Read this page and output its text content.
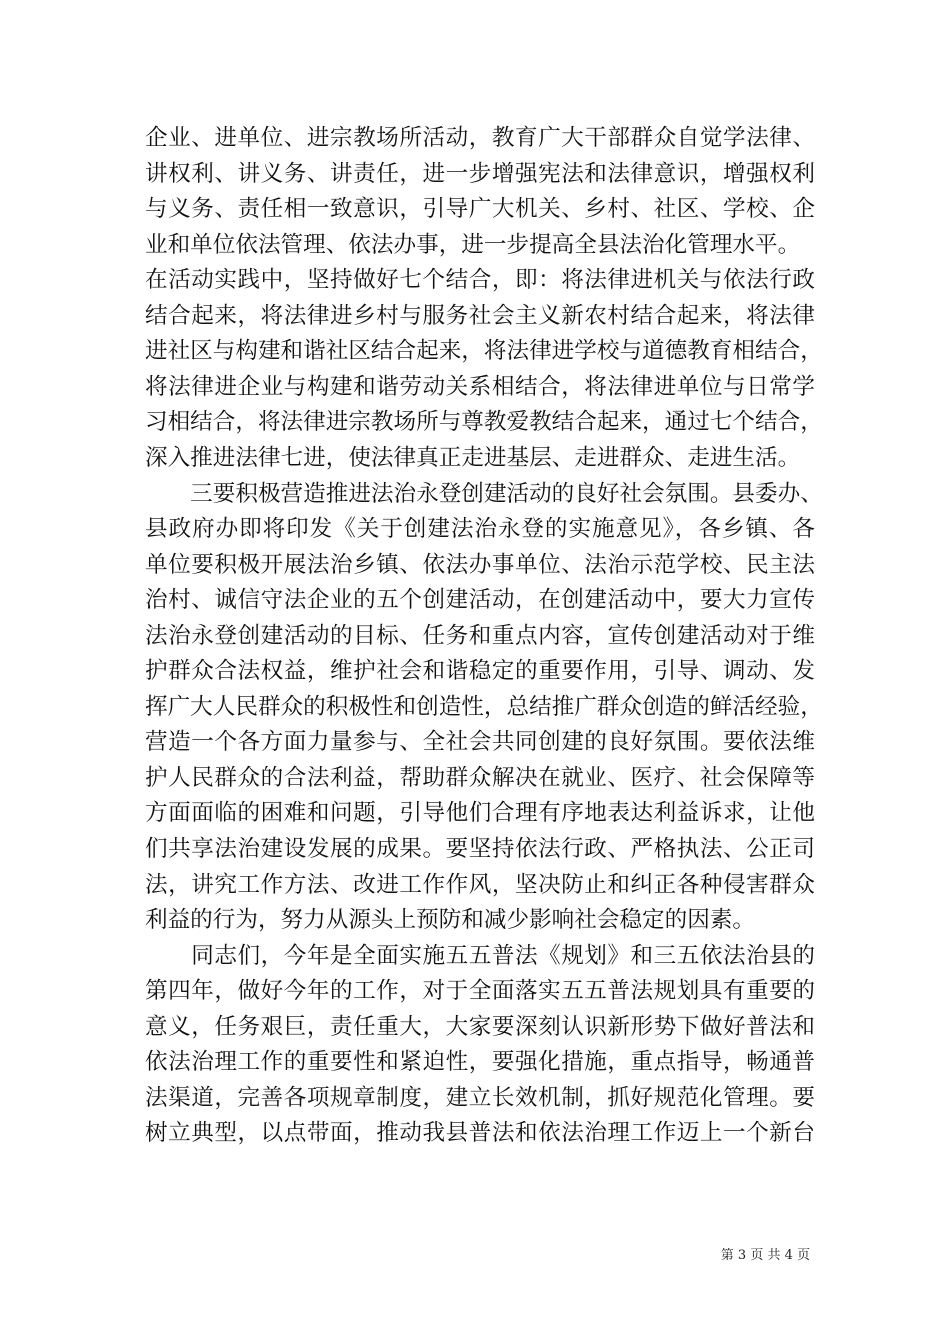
企业、进单位、进宗教场所活动，教育广大干部群众自觉学法律、
讲权利、讲义务、讲责任，进一步增强宪法和法律意识，增强权利
与义务、责任相一致意识，引导广大机关、乡村、社区、学校、企
业和单位依法管理、依法办事，进一步提高全县法治化管理水平。
在活动实践中，坚持做好七个结合，即：将法律进机关与依法行政
结合起来，将法律进乡村与服务社会主义新农村结合起来，将法律
进社区与构建和谐社区结合起来，将法律进学校与道德教育相结合，
将法律进企业与构建和谐劳动关系相结合，将法律进单位与日常学
习相结合，将法律进宗教场所与尊教爱教结合起来，通过七个结合，
深入推进法律七进，使法律真正走进基层、走进群众、走进生活。
　　三要积极营造推进法治永登创建活动的良好社会氛围。县委办、
县政府办即将印发《关于创建法治永登的实施意见》，各乡镇、各
单位要积极开展法治乡镇、依法办事单位、法治示范学校、民主法
治村、诚信守法企业的五个创建活动，在创建活动中，要大力宣传
法治永登创建活动的目标、任务和重点内容，宣传创建活动对于维
护群众合法权益，维护社会和谐稳定的重要作用，引导、调动、发
挥广大人民群众的积极性和创造性，总结推广群众创造的鲜活经验，
营造一个各方面力量参与、全社会共同创建的良好氛围。要依法维
护人民群众的合法利益，帮助群众解决在就业、医疗、社会保障等
方面面临的困难和问题，引导他们合理有序地表达利益诉求，让他
们共享法治建设发展的成果。要坚持依法行政、严格执法、公正司
法，讲究工作方法、改进工作作风，坚决防止和纠正各种侵害群众
利益的行为，努力从源头上预防和减少影响社会稳定的因素。
　　同志们，今年是全面实施五五普法《规划》和三五依法治县的
第四年，做好今年的工作，对于全面落实五五普法规划具有重要的
意义，任务艰巨，责任重大，大家要深刻认识新形势下做好普法和
依法治理工作的重要性和紧迫性，要强化措施，重点指导，畅通普
法渠道，完善各项规章制度，建立长效机制，抓好规范化管理。要
树立典型，以点带面，推动我县普法和依法治理工作迈上一个新台
第 3 页 共 4 页
